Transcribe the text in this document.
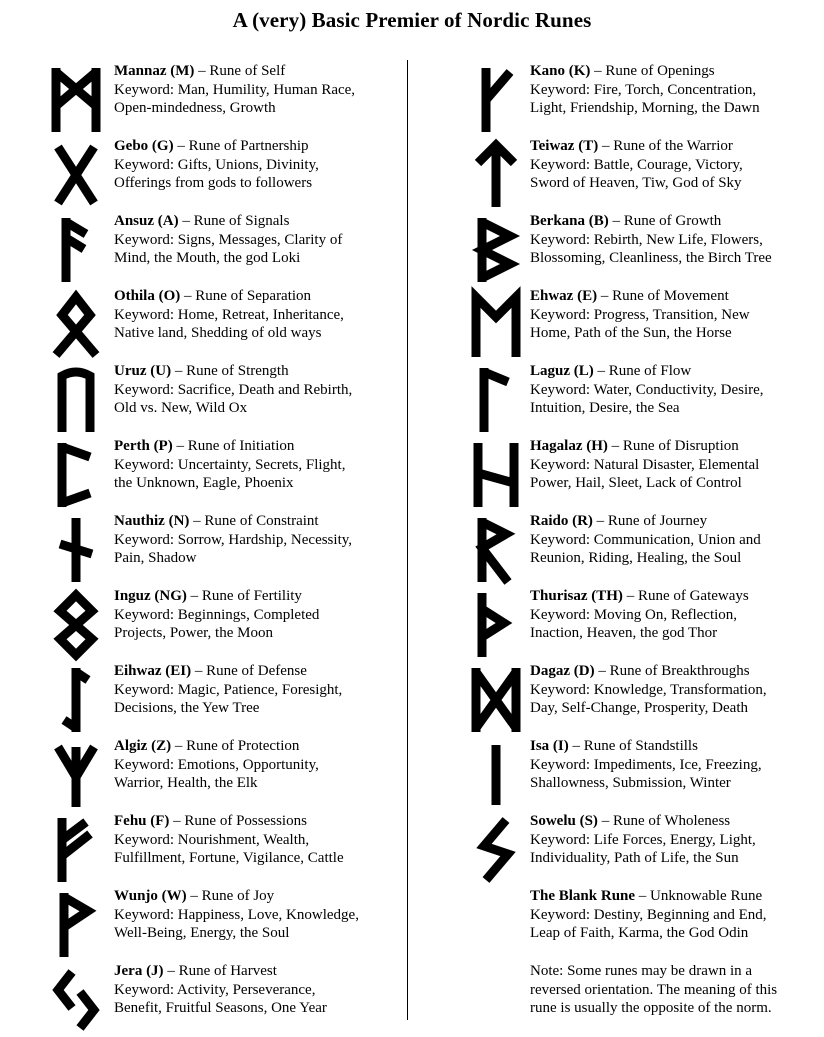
A (very) Basic Premier of Nordic Runes
Mannaz (M) – Rune of Self
Keyword: Man, Humility, Human Race,
Open-mindedness, Growth
Gebo (G) – Rune of Partnership
Keyword: Gifts, Unions, Divinity,
Offerings from gods to followers
Ansuz (A) – Rune of Signals
Keyword: Signs, Messages, Clarity of
Mind, the Mouth, the god Loki
Othila (O) – Rune of Separation
Keyword: Home, Retreat, Inheritance,
Native land, Shedding of old ways
Uruz (U) – Rune of Strength
Keyword: Sacrifice, Death and Rebirth,
Old vs. New, Wild Ox
Perth (P) – Rune of Initiation
Keyword: Uncertainty, Secrets, Flight,
the Unknown, Eagle, Phoenix
Nauthiz (N) – Rune of Constraint
Keyword: Sorrow, Hardship, Necessity,
Pain, Shadow
Inguz (NG) – Rune of Fertility
Keyword: Beginnings, Completed
Projects, Power, the Moon
Eihwaz (EI) – Rune of Defense
Keyword: Magic, Patience, Foresight,
Decisions, the Yew Tree
Algiz (Z) – Rune of Protection
Keyword: Emotions, Opportunity,
Warrior, Health, the Elk
Fehu (F) – Rune of Possessions
Keyword: Nourishment, Wealth,
Fulfillment, Fortune, Vigilance, Cattle
Wunjo (W) – Rune of Joy
Keyword: Happiness, Love, Knowledge,
Well-Being, Energy, the Soul
Jera (J) – Rune of Harvest
Keyword: Activity, Perseverance,
Benefit, Fruitful Seasons, One Year
Kano (K) – Rune of Openings
Keyword: Fire, Torch, Concentration,
Light, Friendship, Morning, the Dawn
Teiwaz (T) – Rune of the Warrior
Keyword: Battle, Courage, Victory,
Sword of Heaven, Tiw, God of Sky
Berkana (B) – Rune of Growth
Keyword: Rebirth, New Life, Flowers,
Blossoming, Cleanliness, the Birch Tree
Ehwaz (E) – Rune of Movement
Keyword: Progress, Transition, New
Home, Path of the Sun, the Horse
Laguz (L) – Rune of Flow
Keyword: Water, Conductivity, Desire,
Intuition, Desire, the Sea
Hagalaz (H) – Rune of Disruption
Keyword: Natural Disaster, Elemental
Power, Hail, Sleet, Lack of Control
Raido (R) – Rune of Journey
Keyword: Communication, Union and
Reunion, Riding, Healing, the Soul
Thurisaz (TH) – Rune of Gateways
Keyword: Moving On, Reflection,
Inaction, Heaven, the god Thor
Dagaz (D) – Rune of Breakthroughs
Keyword: Knowledge, Transformation,
Day, Self-Change, Prosperity, Death
Isa (I) – Rune of Standstills
Keyword: Impediments, Ice, Freezing,
Shallowness, Submission, Winter
Sowelu (S) – Rune of Wholeness
Keyword: Life Forces, Energy, Light,
Individuality, Path of Life, the Sun
The Blank Rune – Unknowable Rune
Keyword: Destiny, Beginning and End,
Leap of Faith, Karma, the God Odin
Note: Some runes may be drawn in a
reversed orientation. The meaning of this
rune is usually the opposite of the norm.
